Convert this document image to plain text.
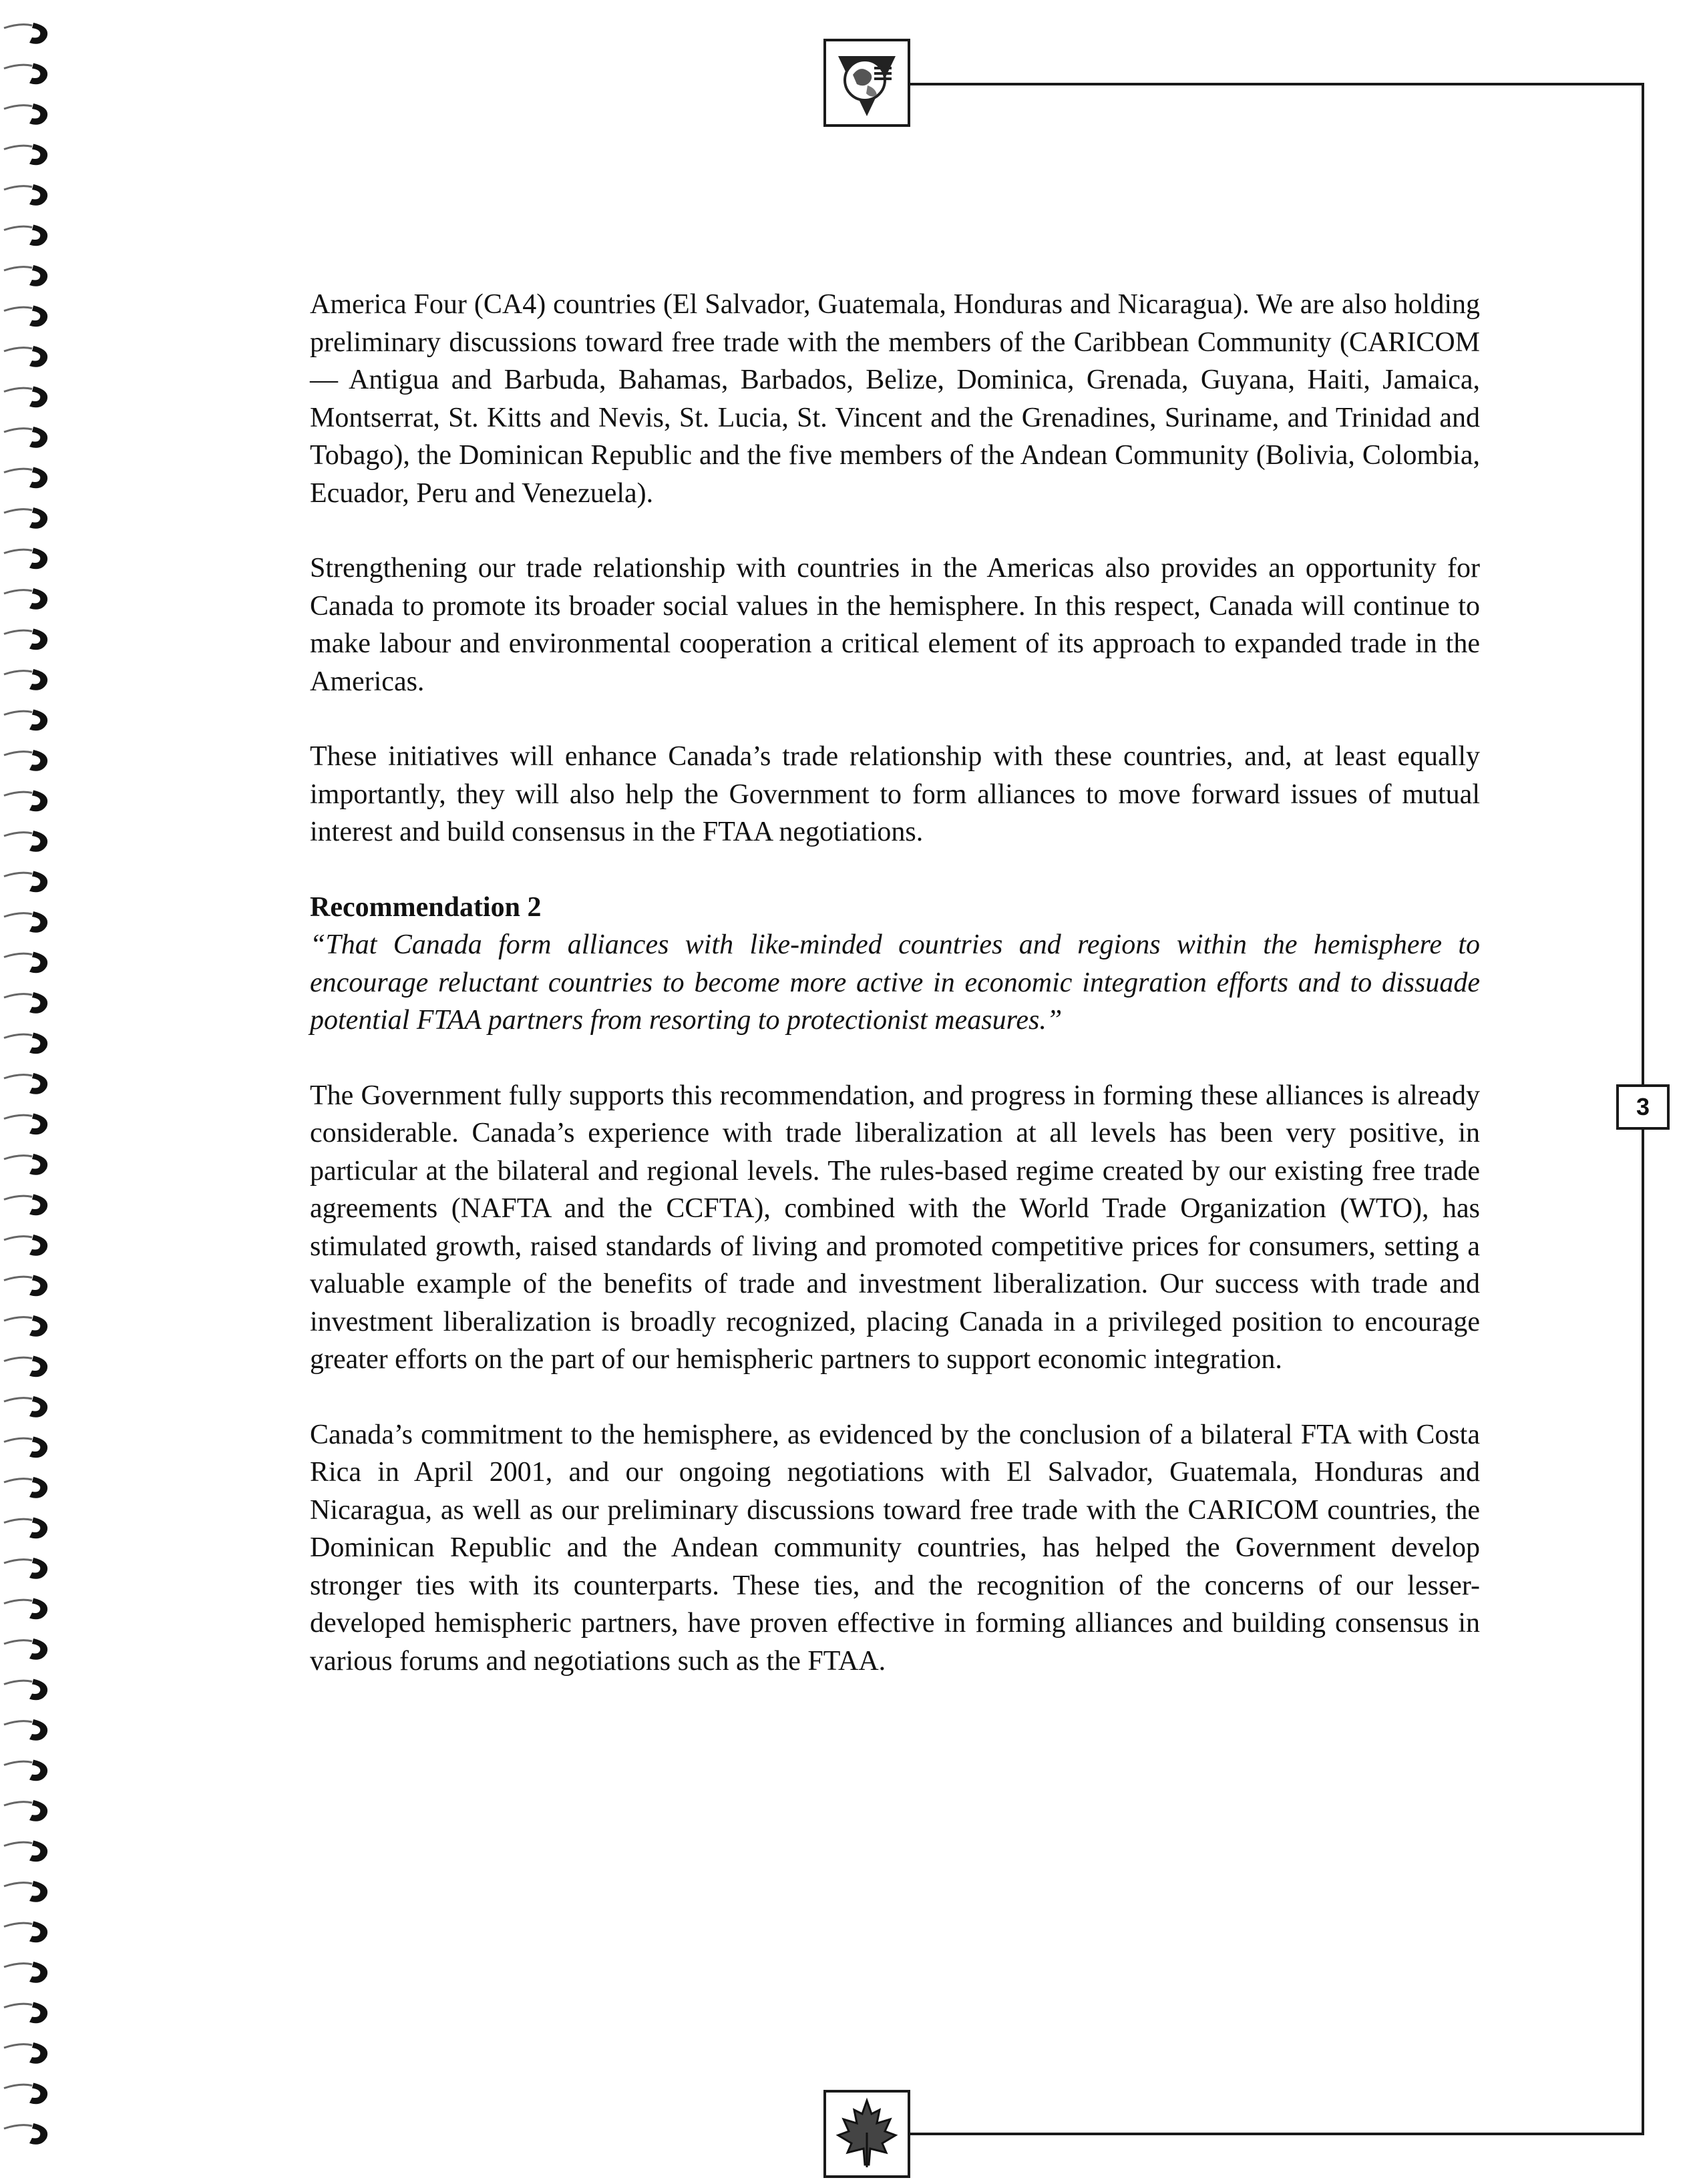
3

America Four (CA4) countries (El Salvador, Guatemala, Honduras and Nicaragua). We are also holding preliminary discussions toward free trade with the members of the Caribbean Community (CARICOM — Antigua and Barbuda, Bahamas, Barbados, Belize, Dominica, Grenada, Guyana, Haiti, Jamaica, Montserrat, St. Kitts and Nevis, St. Lucia, St. Vincent and the Grenadines, Suriname, and Trinidad and Tobago), the Dominican Republic and the five members of the Andean Community (Bolivia, Colombia, Ecuador, Peru and Venezuela).

Strengthening our trade relationship with countries in the Americas also provides an opportunity for Canada to promote its broader social values in the hemisphere. In this respect, Canada will continue to make labour and environmental cooperation a critical element of its approach to expanded trade in the Americas.

These initiatives will enhance Canada’s trade relationship with these countries, and, at least equally importantly, they will also help the Government to form alliances to move forward issues of mutual interest and build consensus in the FTAA negotiations.

Recommendation 2

“That Canada form alliances with like-minded countries and regions within the hemisphere to encourage reluctant countries to become more active in economic integration efforts and to dissuade potential FTAA partners from resorting to protectionist measures.”

The Government fully supports this recommendation, and progress in forming these alliances is already considerable. Canada’s experience with trade liberalization at all levels has been very positive, in particular at the bilateral and regional levels. The rules-based regime created by our existing free trade agreements (NAFTA and the CCFTA), combined with the World Trade Organization (WTO), has stimulated growth, raised standards of living and promoted competitive prices for consumers, setting a valuable example of the benefits of trade and investment liberalization. Our success with trade and investment liberalization is broadly recognized, placing Canada in a privileged position to encourage greater efforts on the part of our hemispheric partners to support economic integration.

Canada’s commitment to the hemisphere, as evidenced by the conclusion of a bilateral FTA with Costa Rica in April 2001, and our ongoing negotiations with El Salvador, Guatemala, Honduras and Nicaragua, as well as our preliminary discussions toward free trade with the CARICOM countries, the Dominican Republic and the Andean community countries, has helped the Government develop stronger ties with its counterparts. These ties, and the recognition of the concerns of our lesser-developed hemispheric partners, have proven effective in forming alliances and building consensus in various forums and negotiations such as the FTAA.
